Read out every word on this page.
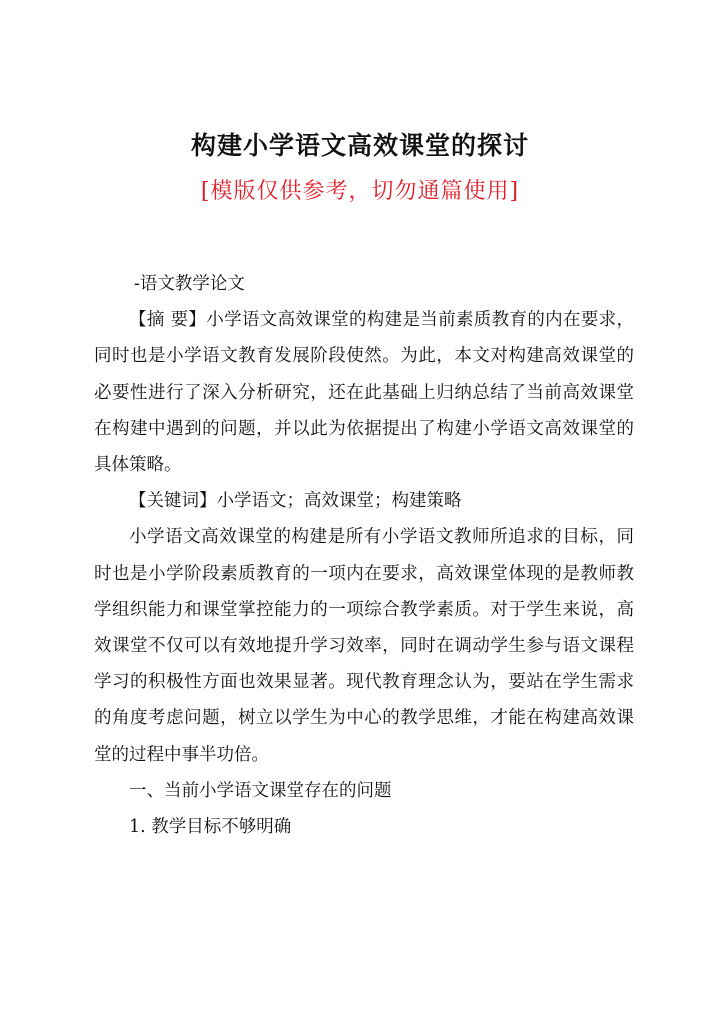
构建小学语文高效课堂的探讨
[模版仅供参考，切勿通篇使用]

-语文教学论文

【摘 要】小学语文高效课堂的构建是当前素质教育的内在要求，同时也是小学语文教育发展阶段使然。为此，本文对构建高效课堂的必要性进行了深入分析研究，还在此基础上归纳总结了当前高效课堂在构建中遇到的问题，并以此为依据提出了构建小学语文高效课堂的具体策略。

【关键词】小学语文；高效课堂；构建策略

小学语文高效课堂的构建是所有小学语文教师所追求的目标，同时也是小学阶段素质教育的一项内在要求，高效课堂体现的是教师教学组织能力和课堂掌控能力的一项综合教学素质。对于学生来说，高效课堂不仅可以有效地提升学习效率，同时在调动学生参与语文课程学习的积极性方面也效果显著。现代教育理念认为，要站在学生需求的角度考虑问题，树立以学生为中心的教学思维，才能在构建高效课堂的过程中事半功倍。

一、当前小学语文课堂存在的问题

1. 教学目标不够明确
